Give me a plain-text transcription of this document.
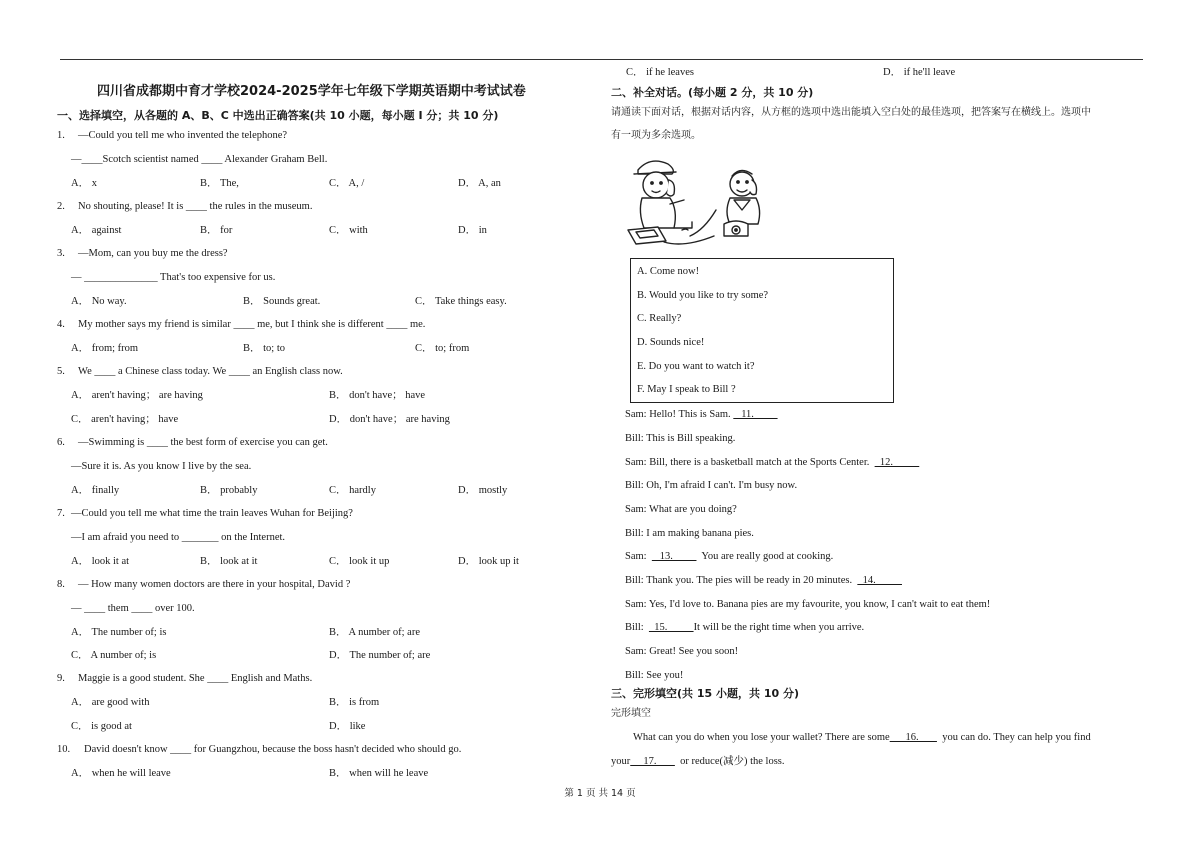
四川省成都期中育才学校2024-2025学年七年级下学期英语期中考试试卷
一、选择填空，从各题的 A、B、C 中选出正确答案(共 10 小题，每小题 I 分；共 10 分)
1. —Could you tell me who invented the telephone?
—____Scotch scientist named ____ Alexander Graham Bell.
A． x	B． The,	C． A, /	D． A, an
2. No shouting, please! It is ____ the rules in the museum.
A． against	B． for	C． with	D． in
3. —Mom, can you buy me the dress?
— ______________ That's too expensive for us.
A． No way.	B． Sounds great.	C． Take things easy.
4. My mother says my friend is similar ____ me, but I think she is different ____ me.
A． from; from	B． to; to	C． to; from
5. We ____ a Chinese class today. We ____ an English class now.
A． aren't having； are having	B． don't have； have
C． aren't having； have	D． don't have； are having
6. —Swimming is ____ the best form of exercise you can get.
—Sure it is. As you know I live by the sea.
A． finally	B． probably	C． hardly	D． mostly
7. —Could you tell me what time the train leaves Wuhan for Beijing?
—I am afraid you need to _______ on the Internet.
A． look it at	B． look at it	C． look it up	D． look up it
8. — How many women doctors are there in your hospital, David ?
— ____ them ____ over 100.
A． The number of; is	B． A number of; are
C． A number of; is	D． The number of; are
9. Maggie is a good student. She ____ English and Maths.
A． are good with	B． is from
C． is good at	D． like
10. David doesn't know ____ for Guangzhou, because the boss hasn't decided who should go.
A． when he will leave	B． when will he leave
C． if he leaves	D． if he'll leave
二、补全对话。(每小题 2 分，共 10 分)
请通读下面对话，根据对话内容，从方框的选项中选出能填入空白处的最佳选项，把答案写在横线上。选项中
有一项为多余选项。
A. Come now!
B. Would you like to try some?
C. Really?
D. Sounds nice!
E. Do you want to watch it?
F. May I speak to Bill ?
Sam: Hello! This is Sam.    11.
Bill: This is Bill speaking.
Sam: Bill, there is a basketball match at the Sports Center.    12.
Bill: Oh, I'm afraid I can't. I'm busy now.
Sam: What are you doing?
Bill: I am making banana pies.
Sam:     13.           You are really good at cooking.
Bill: Thank you. The pies will be ready in 20 minutes.    14.
Sam: Yes, I'd love to. Banana pies are my favourite, you know, I can't wait to eat them!
Bill:    15.          It will be the right time when you arrive.
Sam: Great! See you soon!
Bill: See you!
三、完形填空(共 15 小题，共 10 分)
完形填空
What can you do when you lose your wallet? There are some      16.         you can do. They can help you find
your     17.         or reduce(减少) the loss.
第 1 页 共 14 页
